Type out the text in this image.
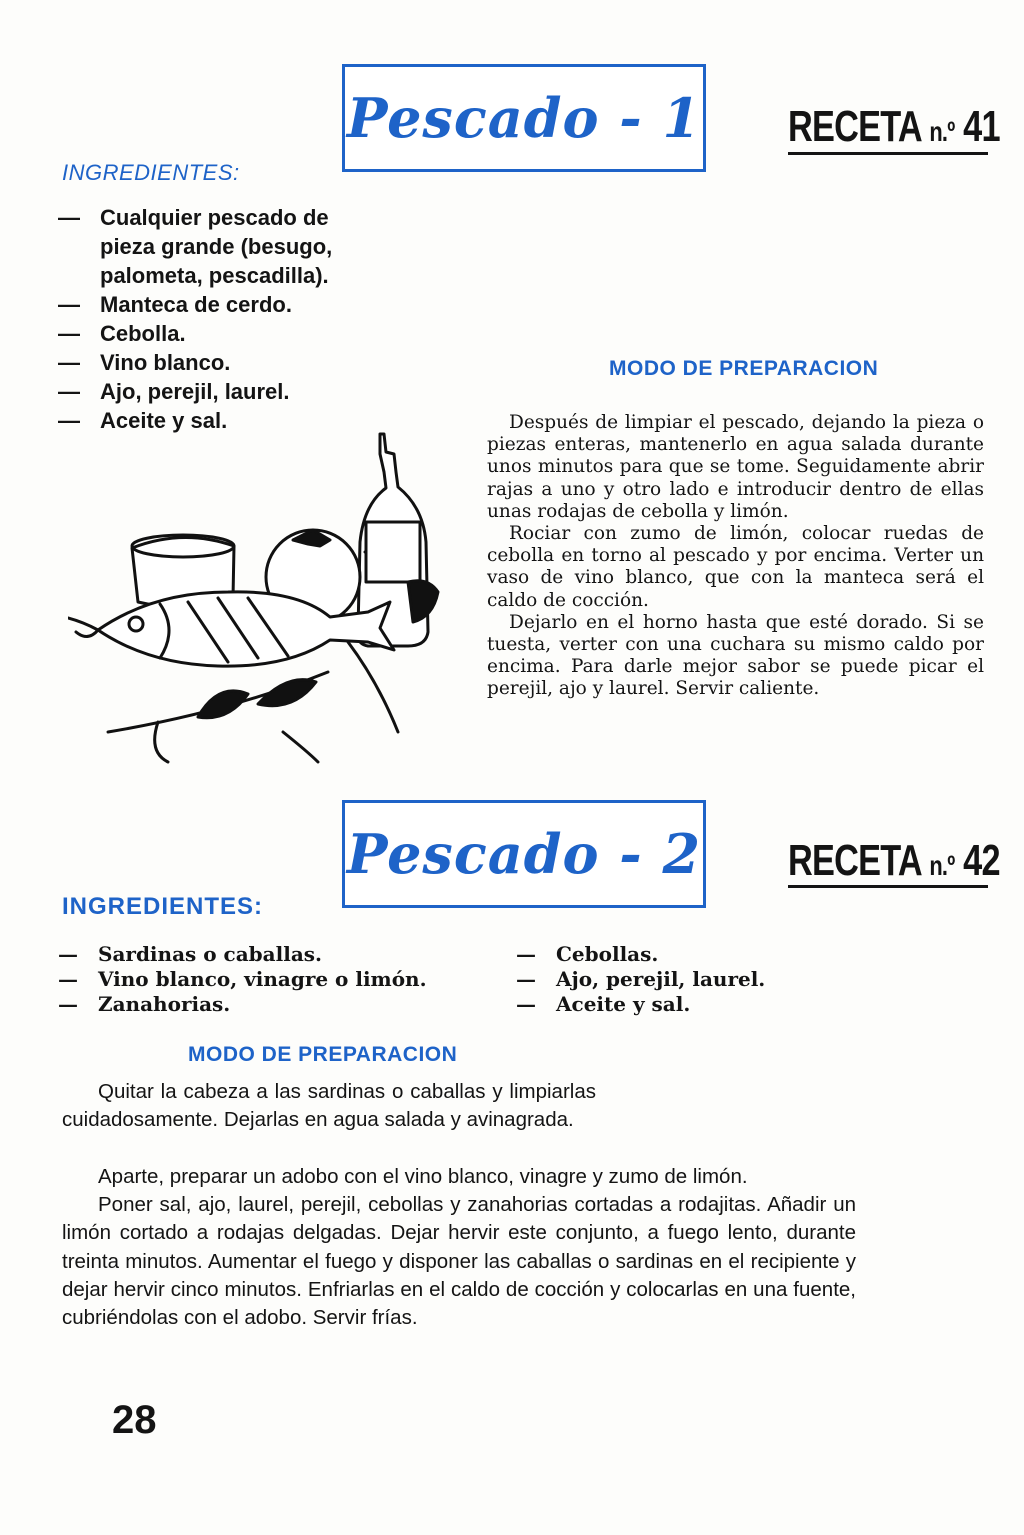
Pescado - 1 RECETA n.º 41
INGREDIENTES:
— Cualquier pescado de pieza grande (besugo, palometa, pescadilla).
— Manteca de cerdo.
— Cebolla.
— Vino blanco.
— Ajo, perejil, laurel.
— Aceite y sal.
MODO DE PREPARACION

Después de limpiar el pescado, dejando la pieza o piezas enteras, mantenerlo en agua salada durante unos minutos para que se tome. Seguidamente abrir rajas a uno y otro lado e introducir dentro de ellas unas rodajas de cebolla y limón.

Rociar con zumo de limón, colocar ruedas de cebolla en torno al pescado y por encima. Verter un vaso de vino blanco, que con la manteca será el caldo de cocción.

Dejarlo en el horno hasta que esté dorado. Si se tuesta, verter con una cuchara su mismo caldo por encima. Para darle mejor sabor se puede picar el perejil, ajo y laurel. Servir caliente.

Pescado - 2 RECETA n.º 42
INGREDIENTES:
—	Sardinas o caballas.
—	Vino blanco, vinagre o limón.
—	Zanahorias.
—	Cebollas.
—	Ajo, perejil, laurel.
—	Aceite y sal.
MODO DE PREPARACION

Quitar la cabeza a las sardinas o caballas y limpiarlas cuidadosamente. Dejarlas en agua salada y avinagrada.

Aparte, preparar un adobo con el vino blanco, vinagre y zumo de limón.

Poner sal, ajo, laurel, perejil, cebollas y zanahorias cortadas a rodajitas. Añadir un limón cortado a rodajas delgadas. Dejar hervir este conjunto, a fuego lento, durante treinta minutos. Aumentar el fuego y disponer las caballas o sardinas en el recipiente y dejar hervir cinco minutos. Enfriarlas en el caldo de cocción y colocarlas en una fuente, cubriéndolas con el adobo. Servir frías.

28
